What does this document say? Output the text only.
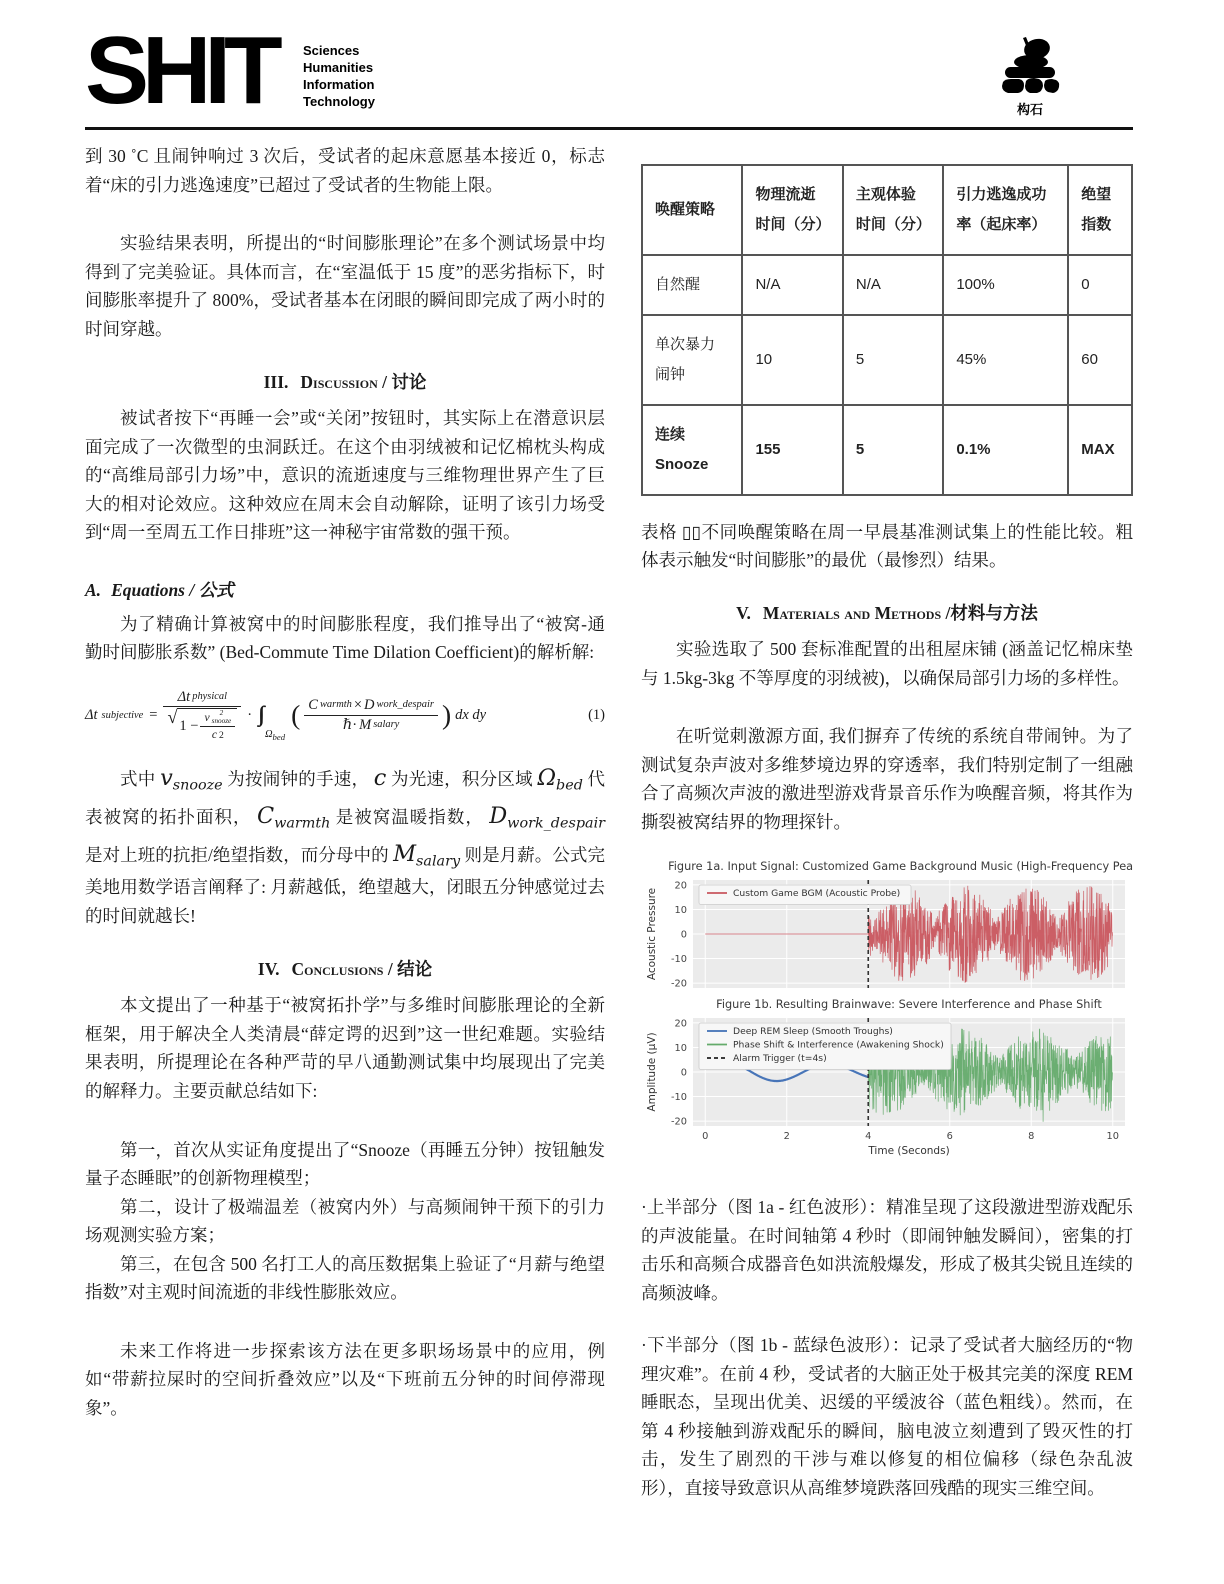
SHIT Sciences
Humanities
Information
Technology
构石

到 30 ˚C 且闹钟响过 3 次后，受试者的起床意愿基本接近 0，标志着“床的引力逃逸速度”已超过了受试者的生物能上限。

实验结果表明，所提出的“时间膨胀理论”在多个测试场景中均得到了完美验证。具体而言，在“室温低于 15 度”的恶劣指标下，时间膨胀率提升了 800%，受试者基本在闭眼的瞬间即完成了两小时的时间穿越。

III. Discussion / 讨论

被试者按下“再睡一会”或“关闭”按钮时，其实际上在潜意识层面完成了一次微型的虫洞跃迁。在这个由羽绒被和记忆棉枕头构成的“高维局部引力场”中，意识的流逝速度与三维物理世界产生了巨大的相对论效应。这种效应在周末会自动解除，证明了该引力场受到“周一至周五工作日排班”这一神秘宇宙常数的强干预。

A. Equations / 公式

为了精确计算被窝中的时间膨胀程度，我们推导出了“被窝-通勤时间膨胀系数” (Bed-Commute Time Dilation Coefficient)的解析解:

Δt subjective =
Δt physical
√ 1 − v	2
snooze
c 2 · ∫∫
$\Omega_{bed}$
( $\frac{\text{C warmth × D work\_despair}}{\text{ℏ· M salary}}$ ) dx dy	(1)

式中 $v_{snooze}$ 为按闹钟的手速， c 为光速，积分区域 $\Omega_{bed}$ 代表被窝的拓扑面积， $C_{warmth}$ 是被窝温暖指数， $D_{work\_despair}$ 是对上班的抗拒/绝望指数，而分母中的 $M_{salary}$ 则是月薪。公式完美地用数学语言阐释了: 月薪越低，绝望越大，闭眼五分钟感觉过去的时间就越长!

IV. Conclusions / 结论

本文提出了一种基于“被窝拓扑学”与多维时间膨胀理论的全新框架，用于解决全人类清晨“薛定谔的迟到”这一世纪难题。实验结果表明，所提理论在各种严苛的早八通勤测试集中均展现出了完美的解释力。主要贡献总结如下:

第一，首次从实证角度提出了“Snooze（再睡五分钟）按钮触发量子态睡眠”的创新物理模型；

第二，设计了极端温差（被窝内外）与高频闹钟干预下的引力场观测实验方案；

第三，在包含 500 名打工人的高压数据集上验证了“月薪与绝望指数”对主观时间流逝的非线性膨胀效应。

未来工作将进一步探索该方法在更多职场场景中的应用，例如“带薪拉屎时的空间折叠效应”以及“下班前五分钟的时间停滞现象”。

唤醒策略	物理流逝时间（分）	主观体验时间（分）	引力逃逸成功率（起床率）	绝望指数
自然醒	N/A	N/A	100%	0
单次暴力闹钟	10	5	45%	60
连续 Snooze	155	5	0.1%	MAX

表格 ▯▯不同唤醒策略在周一早晨基准测试集上的性能比较。粗体表示触发“时间膨胀”的最优（最惨烈）结果。

V. Materials and Methods /材料与方法

实验选取了 500 套标准配置的出租屋床铺 (涵盖记忆棉床垫与 1.5kg-3kg 不等厚度的羽绒被)，以确保局部引力场的多样性。

在听觉刺激源方面, 我们摒弃了传统的系统自带闹钟。为了测试复杂声波对多维梦境边界的穿透率，我们特别定制了一组融合了高频次声波的激进型游戏背景音乐作为唤醒音频，将其作为撕裂被窝结界的物理探针。

Figure 1a. Input Signal: Customized Game Background Music (High-Frequency Peaks)
-20
-10
0
10
20
Acoustic Pressure	Custom Game BGM (Acoustic Probe)
Figure 1b. Resulting Brainwave: Severe Interference and Phase Shift
-20
-10
0
10
20
0	2	4	6	8	10
Time (Seconds)
Amplitude (μV)
Deep REM Sleep (Smooth Troughs)
Phase Shift & Interference (Awakening Shock)
Alarm Trigger (t=4s)

·上半部分（图 1a - 红色波形）：精准呈现了这段激进型游戏配乐的声波能量。在时间轴第 4 秒时（即闹钟触发瞬间），密集的打击乐和高频合成器音色如洪流般爆发，形成了极其尖锐且连续的高频波峰。

·下半部分（图 1b - 蓝绿色波形）：记录了受试者大脑经历的“物理灾难”。在前 4 秒，受试者的大脑正处于极其完美的深度 REM 睡眠态，呈现出优美、迟缓的平缓波谷（蓝色粗线）。然而，在第 4 秒接触到游戏配乐的瞬间，脑电波立刻遭到了毁灭性的打击，发生了剧烈的干涉与难以修复的相位偏移（绿色杂乱波形），直接导致意识从高维梦境跌落回残酷的现实三维空间。
